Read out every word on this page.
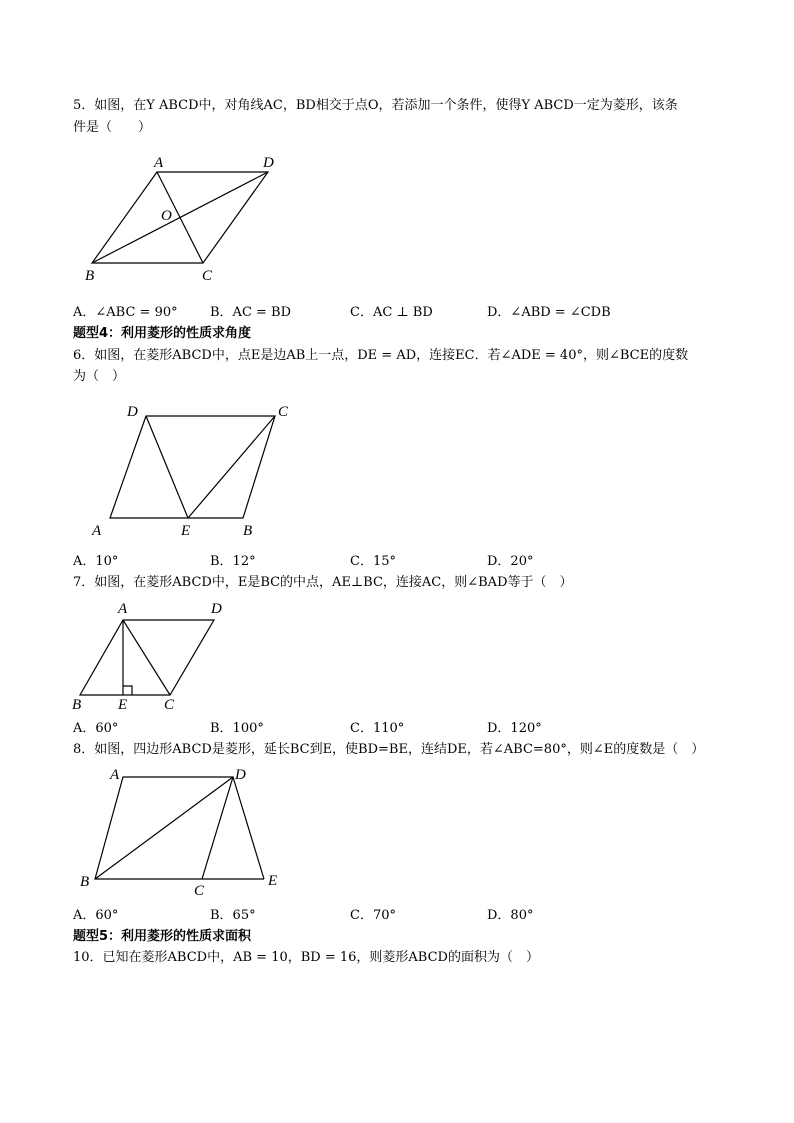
5．如图，在Y ABCD中，对角线AC，BD相交于点O，若添加一个条件，使得Y ABCD一定为菱形，该条
件是（　　）
A	D
O
B	C
A．∠ABC = 90° B．AC = BD	C．AC ⊥ BD	D．∠ABD = ∠CDB
题型4：利用菱形的性质求角度
6．如图，在菱形ABCD中，点E是边AB上一点，DE = AD，连接EC．若∠ADE = 40°，则∠BCE的度数
为（　）
D	C
A	E	B
A．10°	B．12°	C．15°	D．20°
7．如图，在菱形ABCD中，E是BC的中点，AE⊥BC，连接AC，则∠BAD等于（　）
A	D
B E C
A．60°	B．100°	C．110°	D．120°
8．如图，四边形ABCD是菱形，延长BC到E，使BD=BE，连结DE，若∠ABC=80°，则∠E的度数是（　）
A	D
B
C
E
A．60°	B．65°	C．70°	D．80°
题型5：利用菱形的性质求面积
10．已知在菱形ABCD中，AB = 10，BD = 16，则菱形ABCD的面积为（　）
